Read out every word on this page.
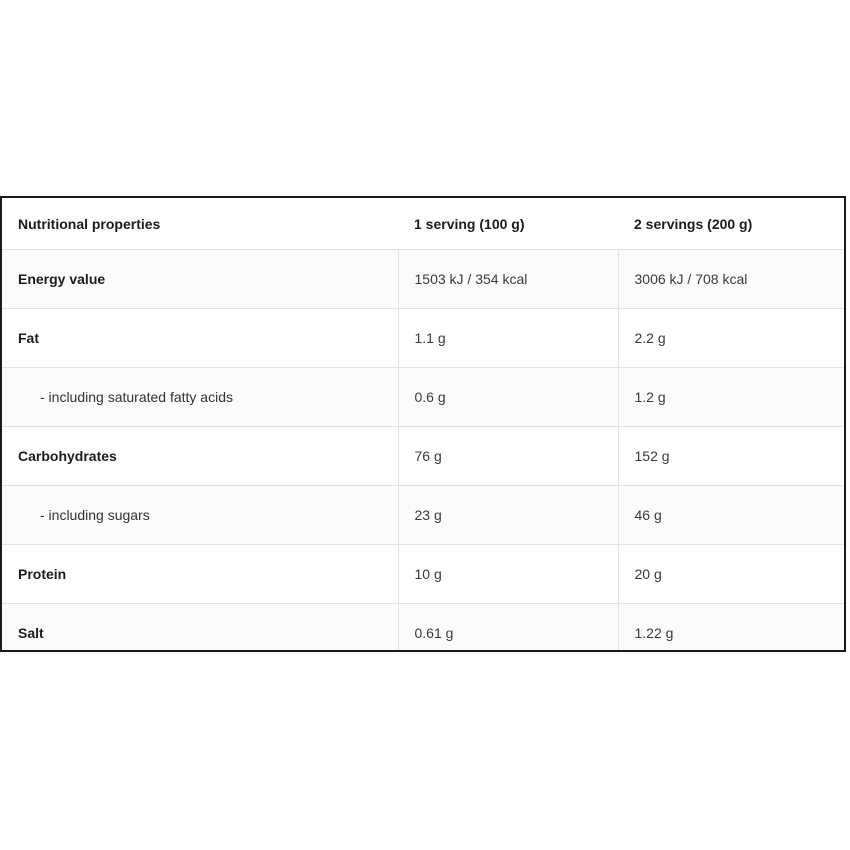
Nutritional properties	1 serving (100 g)	2 servings (200 g)
Energy value	1503 kJ / 354 kcal	3006 kJ / 708 kcal
Fat	1.1 g	2.2 g
- including saturated fatty acids	0.6 g	1.2 g
Carbohydrates	76 g	152 g
- including sugars	23 g	46 g
Protein	10 g	20 g
Salt	0.61 g	1.22 g
